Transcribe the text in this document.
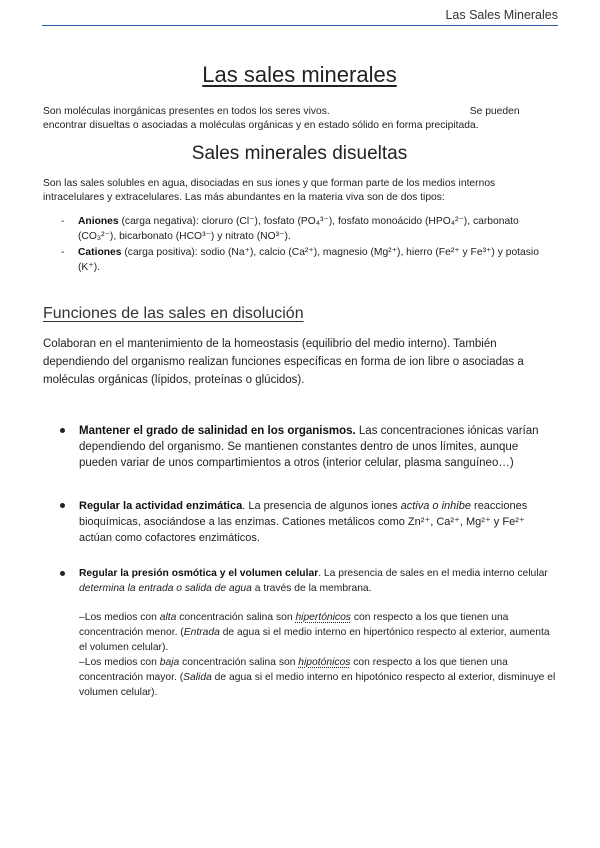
Las Sales Minerales
Las sales minerales
Son moléculas inorgánicas presentes en todos los seres vivos.	Se pueden encontrar disueltas o asociadas a moléculas orgánicas y en estado sólido en forma precipitada.
Sales minerales disueltas
Son las sales solubles en agua, disociadas en sus iones y que forman parte de los medios internos intracelulares y extracelulares. Las más abundantes en la materia viva son de dos tipos:
- Aniones (carga negativa): cloruro (Cl⁻), fosfato (PO₄³⁻), fosfato monoácido (HPO₄²⁻), carbonato (CO₃²⁻), bicarbonato (HCO³⁻) y nitrato (NO³⁻).
- Cationes (carga positiva): sodio (Na⁺), calcio (Ca²⁺), magnesio (Mg²⁺), hierro (Fe²⁺ y Fe³⁺) y potasio (K⁺).
Funciones de las sales en disolución
Colaboran en el mantenimiento de la homeostasis (equilibrio del medio interno). También dependiendo del organismo realizan funciones específicas en forma de ion libre o asociadas a moléculas orgánicas (lípidos, proteínas o glúcidos).
Mantener el grado de salinidad en los organismos. Las concentraciones iónicas varían dependiendo del organismo. Se mantienen constantes dentro de unos límites, aunque pueden variar de unos compartimientos a otros (interior celular, plasma sanguíneo…)
Regular la actividad enzimática. La presencia de algunos iones activa o inhibe reacciones bioquímicas, asociándose a las enzimas. Cationes metálicos como Zn²⁺, Ca²⁺, Mg²⁺ y Fe²⁺ actúan como cofactores enzimáticos.
Regular la presión osmótica y el volumen celular. La presencia de sales en el media interno celular determina la entrada o salida de agua a través de la membrana.

–Los medios con alta concentración salina son hipertónicos con respecto a los que tienen una concentración menor. (Entrada de agua si el medio interno en hipertónico respecto al exterior, aumenta el volumen celular).

–Los medios con baja concentración salina son hipotónicos con respecto a los que tienen una concentración mayor. (Salida de agua si el medio interno en hipotónico respecto al exterior, disminuye el volumen celular).
